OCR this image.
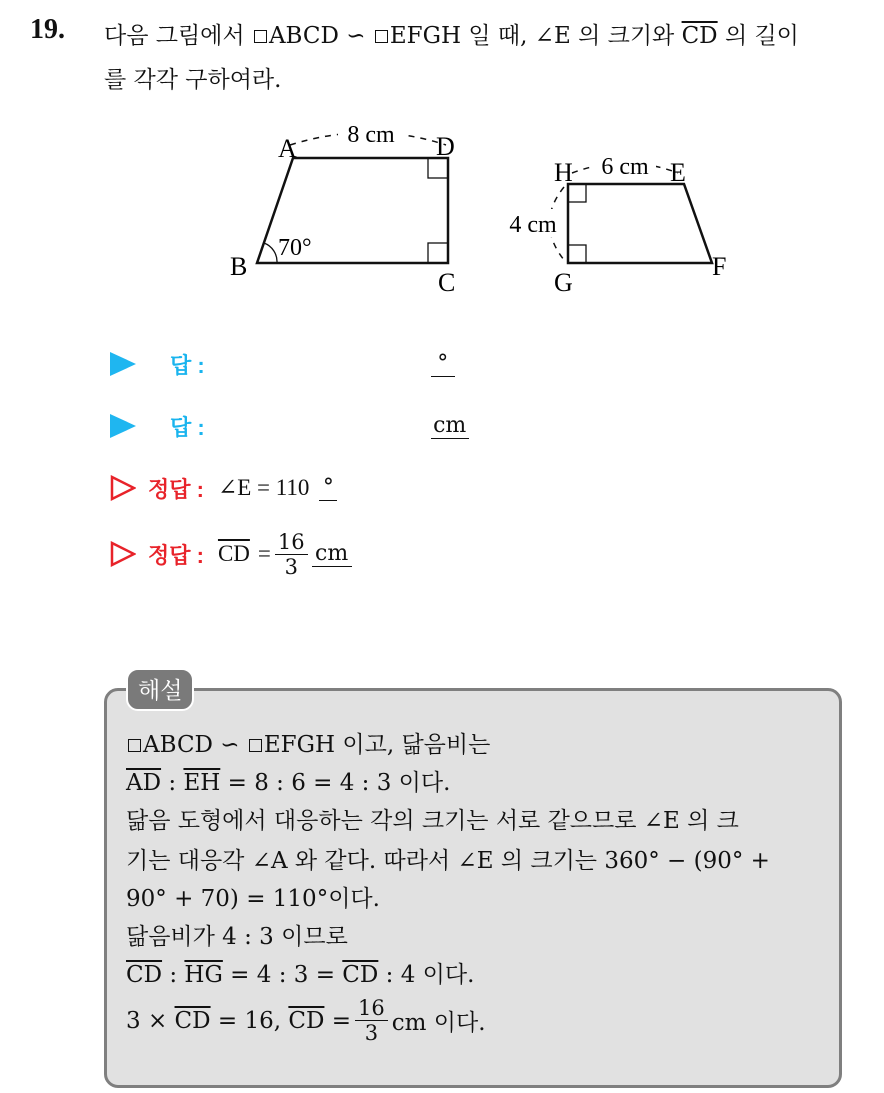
19. 다음 그림에서 ABCD ∽ EFGH 일 때, ∠E 의 크기와 $\overline{CD}$ 의 길이
를 각각 구하여라.
8 cm
A	D
B
C
70°
6 cm
4 cm
H	E
G
F
답 :	°
답 :	cm
정답 : ∠E = 110 °
정답 : $\overline{CD} = \frac{16}{3}$ cm
해설
ABCD ∽ EFGH 이고, 닮음비는
$\overline{AD}$ : $\overline{EH} = 8$ : 6 = 4 : 3 이다.
닮음 도형에서 대응하는 각의 크기는 서로 같으므로 ∠E 의 크
기는 대응각 ∠A 와 같다. 따라서 ∠E 의 크기는 360° − (90° +
90° + 70) = 110°이다.
닮음비가 4 : 3 이므로
$\overline{CD}$ : $\overline{HG} = 4$ : $3 = \overline{CD}$ : 4 이다.
3 ×
$\overline{CD}$
= 16,
$\overline{CD}$
= $\frac{16}{3}$ cm 이다.
